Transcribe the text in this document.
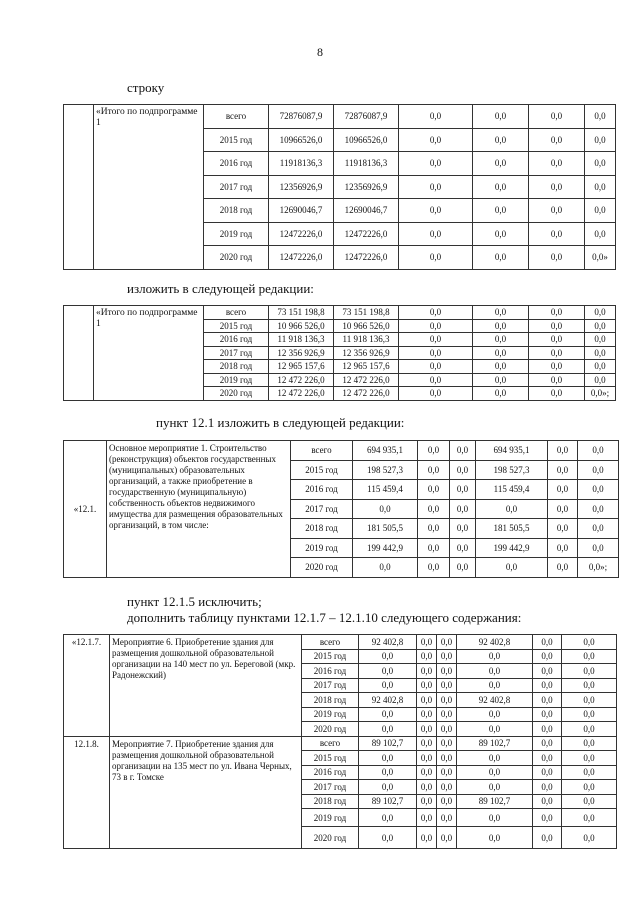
8
строку
	«Итого по подпрограмме 1	всего	72876087,9	72876087,9	0,0	0,0	0,0	0,0
		2015 год	10966526,0	10966526,0	0,0	0,0	0,0	0,0
		2016 год	11918136,3	11918136,3	0,0	0,0	0,0	0,0
		2017 год	12356926,9	12356926,9	0,0	0,0	0,0	0,0
		2018 год	12690046,7	12690046,7	0,0	0,0	0,0	0,0
		2019 год	12472226,0	12472226,0	0,0	0,0	0,0	0,0
		2020 год	12472226,0	12472226,0	0,0	0,0	0,0	0,0»
изложить в следующей редакции:
	«Итого по подпрограмме 1	всего	73 151 198,8	73 151 198,8	0,0	0,0	0,0	0,0
		2015 год	10 966 526,0	10 966 526,0	0,0	0,0	0,0	0,0
		2016 год	11 918 136,3	11 918 136,3	0,0	0,0	0,0	0,0
		2017 год	12 356 926,9	12 356 926,9	0,0	0,0	0,0	0,0
		2018 год	12 965 157,6	12 965 157,6	0,0	0,0	0,0	0,0
		2019 год	12 472 226,0	12 472 226,0	0,0	0,0	0,0	0,0
		2020 год	12 472 226,0	12 472 226,0	0,0	0,0	0,0	0,0»;
пункт 12.1 изложить в следующей редакции:
«12.1.	Основное мероприятие 1. Строительство (реконструкция) объектов государственных (муниципальных) образовательных организаций, а также приобретение в государственную (муниципальную) собственность объектов недвижимого имущества для размещения образовательных организаций, в том числе:	всего	694 935,1	0,0	0,0	694 935,1	0,0	0,0
		2015 год	198 527,3	0,0	0,0	198 527,3	0,0	0,0
		2016 год	115 459,4	0,0	0,0	115 459,4	0,0	0,0
		2017 год	0,0	0,0	0,0	0,0	0,0	0,0
		2018 год	181 505,5	0,0	0,0	181 505,5	0,0	0,0
		2019 год	199 442,9	0,0	0,0	199 442,9	0,0	0,0
		2020 год	0,0	0,0	0,0	0,0	0,0	0,0»;
пункт 12.1.5 исключить;
дополнить таблицу пунктами 12.1.7 – 12.1.10 следующего содержания:
«12.1.7.	Мероприятие 6. Приобретение здания для размещения дошкольной образовательной организации на 140 мест по ул. Береговой (мкр. Радонежский)	всего	92 402,8	0,0	0,0	92 402,8	0,0	0,0
		2015 год	0,0	0,0	0,0	0,0	0,0	0,0
		2016 год	0,0	0,0	0,0	0,0	0,0	0,0
		2017 год	0,0	0,0	0,0	0,0	0,0	0,0
		2018 год	92 402,8	0,0	0,0	92 402,8	0,0	0,0
		2019 год	0,0	0,0	0,0	0,0	0,0	0,0
		2020 год	0,0	0,0	0,0	0,0	0,0	0,0
12.1.8.	Мероприятие 7. Приобретение здания для размещения дошкольной образовательной организации на 135 мест по ул. Ивана Черных, 73 в г. Томске	всего	89 102,7	0,0	0,0	89 102,7	0,0	0,0
		2015 год	0,0	0,0	0,0	0,0	0,0	0,0
		2016 год	0,0	0,0	0,0	0,0	0,0	0,0
		2017 год	0,0	0,0	0,0	0,0	0,0	0,0
		2018 год	89 102,7	0,0	0,0	89 102,7	0,0	0,0
		2019 год	0,0	0,0	0,0	0,0	0,0	0,0
		2020 год	0,0	0,0	0,0	0,0	0,0	0,0
